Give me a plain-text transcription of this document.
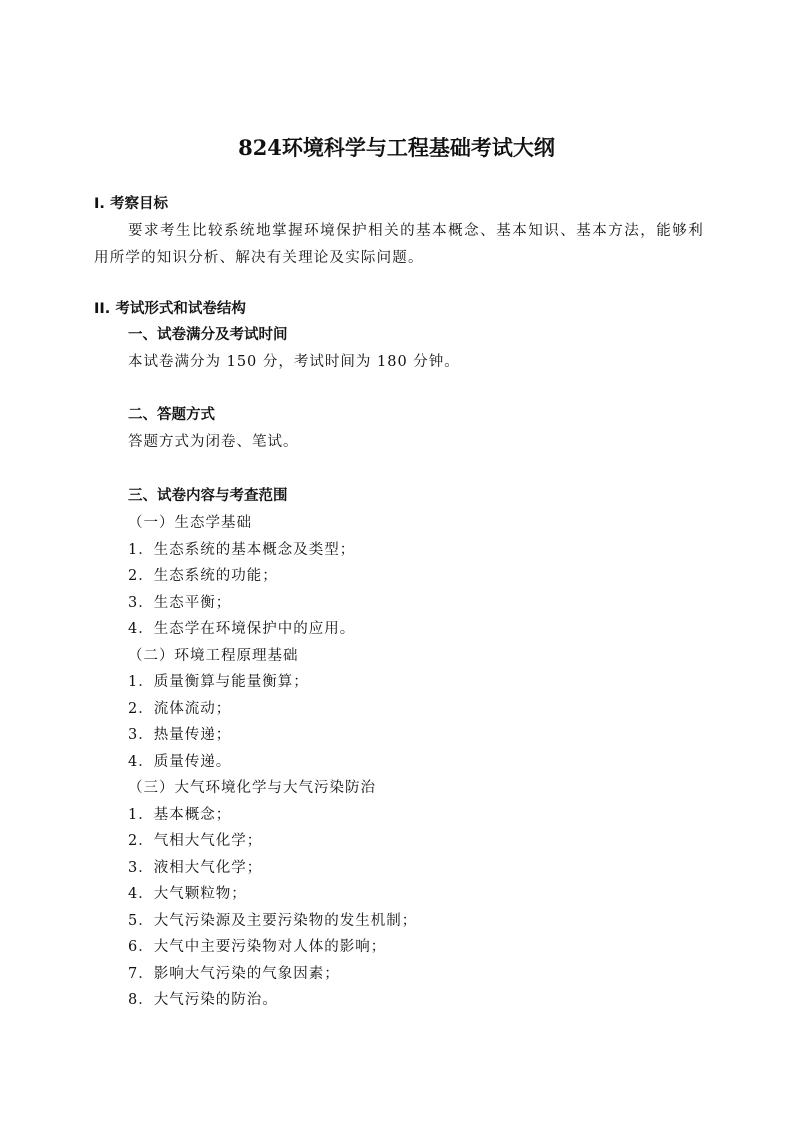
824环境科学与工程基础考试大纲
I. 考察目标
要求考生比较系统地掌握环境保护相关的基本概念、基本知识、基本方法，能够利用所学的知识分析、解决有关理论及实际问题。
II. 考试形式和试卷结构
一、试卷满分及考试时间
本试卷满分为 150 分，考试时间为 180 分钟。
二、答题方式
答题方式为闭卷、笔试。
三、试卷内容与考查范围
（一）生态学基础
1．生态系统的基本概念及类型；
2．生态系统的功能；
3．生态平衡；
4．生态学在环境保护中的应用。
（二）环境工程原理基础
1．质量衡算与能量衡算；
2．流体流动；
3．热量传递；
4．质量传递。
（三）大气环境化学与大气污染防治
1．基本概念；
2．气相大气化学；
3．液相大气化学；
4．大气颗粒物；
5．大气污染源及主要污染物的发生机制；
6．大气中主要污染物对人体的影响；
7．影响大气污染的气象因素；
8．大气污染的防治。
